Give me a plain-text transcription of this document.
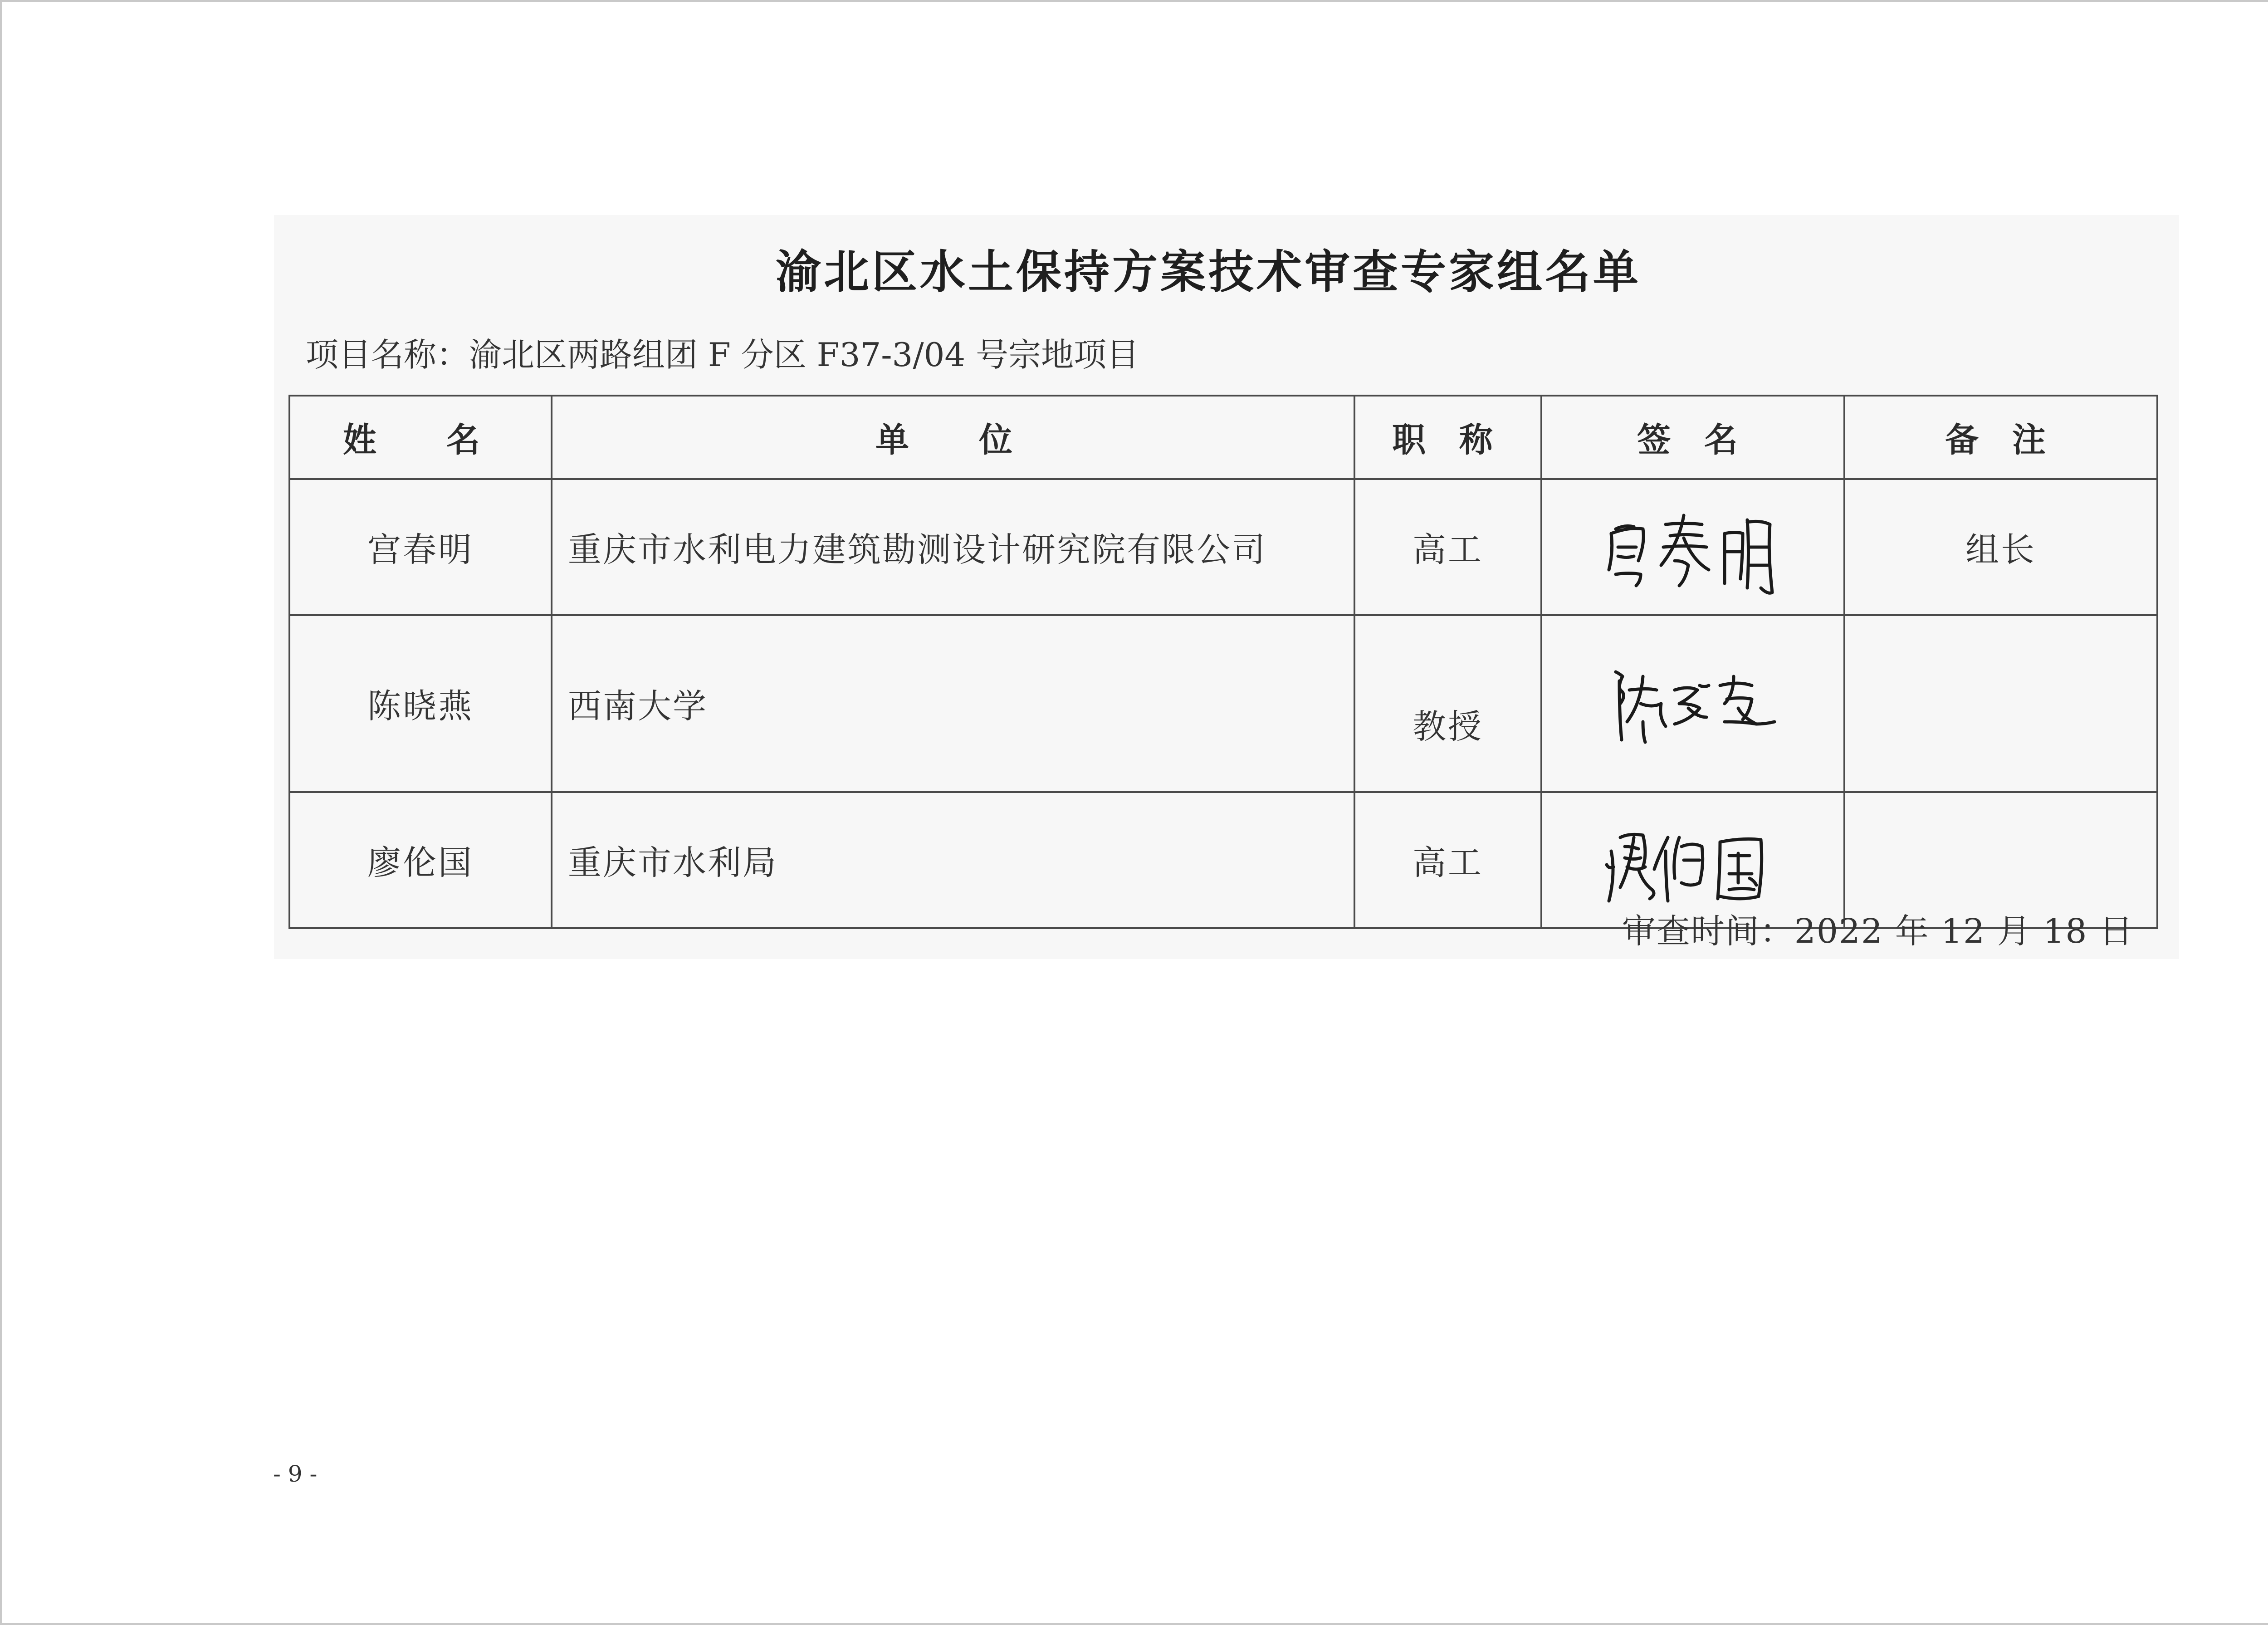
渝北区水土保持方案技术审查专家组名单
项目名称：渝北区两路组团 F 分区 F37-3/04 号宗地项目
姓　名	单　位	职 称	签 名	备 注
宫春明	重庆市水利电力建筑勘测设计研究院有限公司	高工		组长
陈晓燕	西南大学	教授	

廖伦国	重庆市水利局	高工	

审查时间：2022 年 12 月 18 日
- 9 -
